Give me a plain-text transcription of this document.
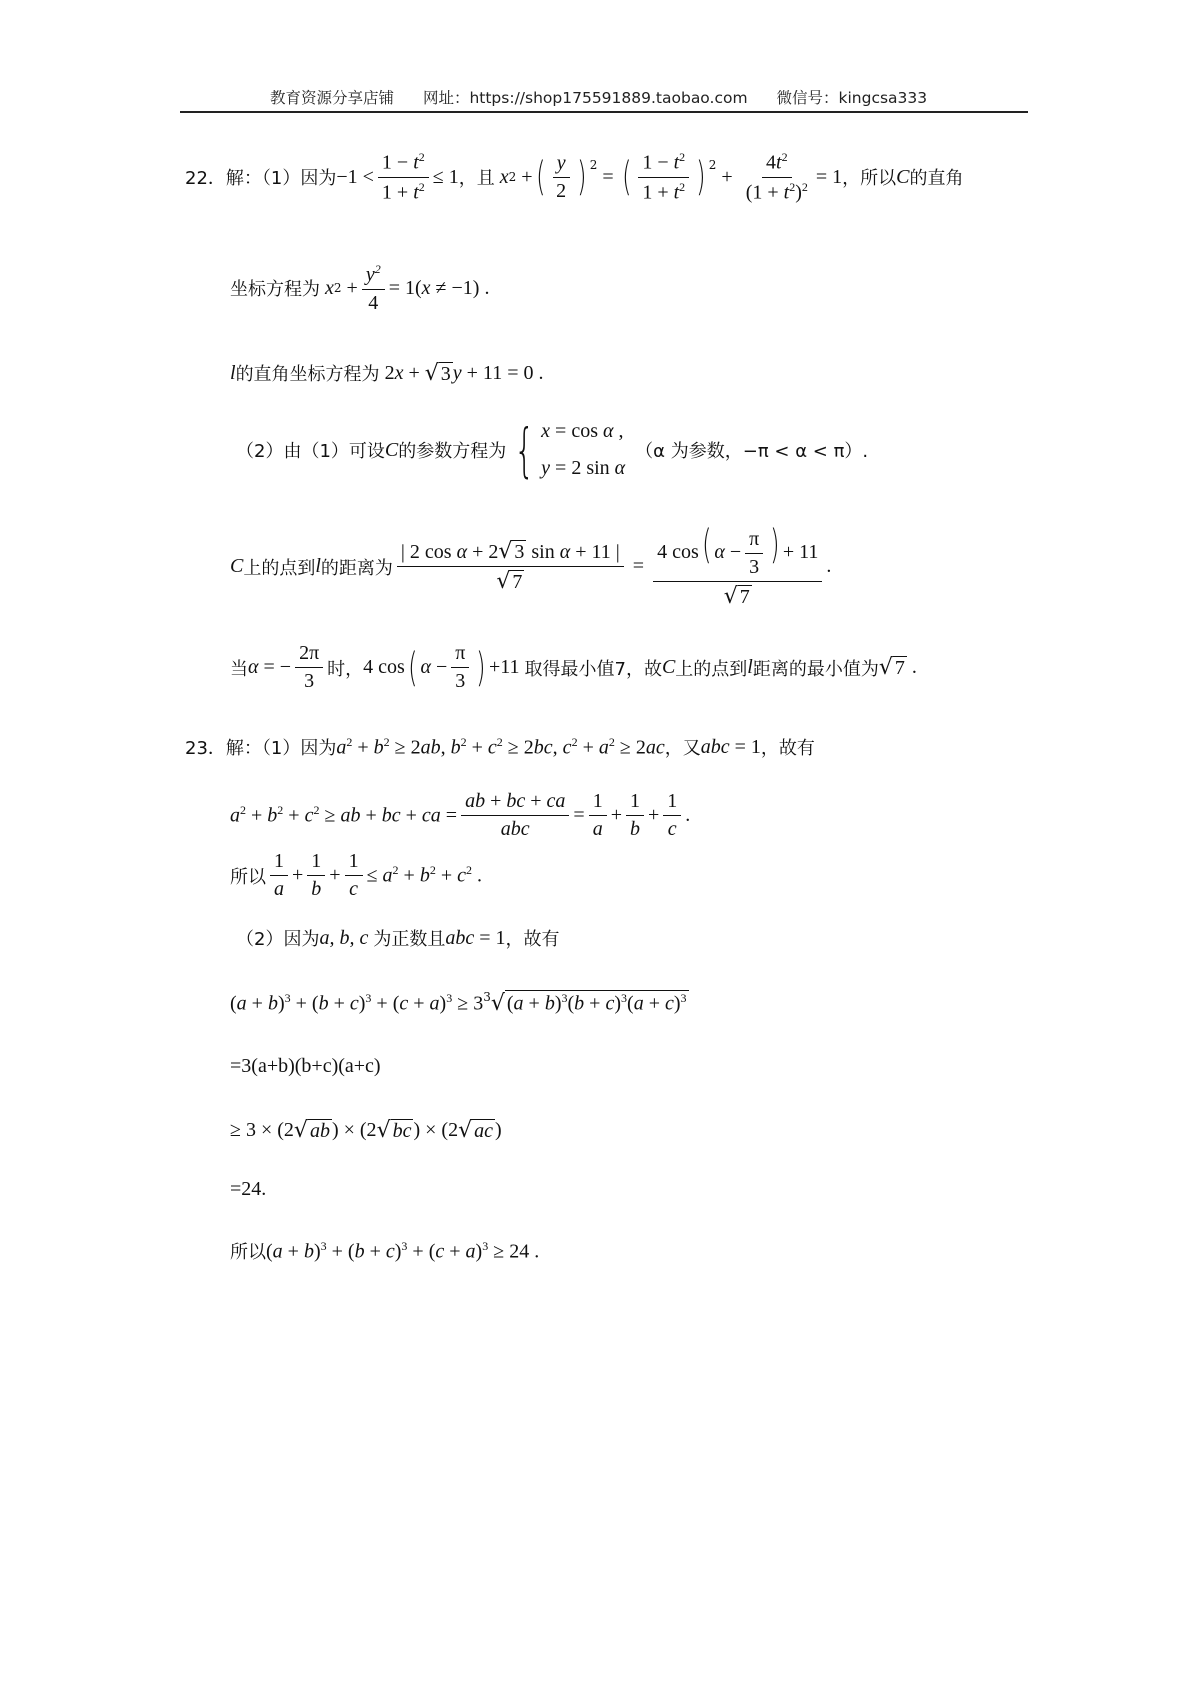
教育资源分享店铺 网址：https://shop175591889.taobao.com 微信号：kingcsa333
22． 解：（1）因为 $-1 < \frac{1 - t^2}{1 + t^2} \le 1$ ，且 x 2 + ( $\frac{y}{2}$ ) $^2$
= ( $\frac{1 - t^2}{1 + t^2}$ ) $^2$
+ $\frac{4t^2}{(1 + t^2)^2} = 1$ ，所以 C 的直角
坐标方程为 x $2 + \frac{y^2}{4} = 1(x \ne -1)$ .
l 的直角坐标方程为 2x + √ 3 y + 11 = 0 .
（2）由（1）可设 C 的参数方程为 { x = cos α ,
y = 2 sin α
（α 为参数，−π < α < π）.
C 上的点到 l 的距离为 $\frac{\text{| 2 cos α + 2 √ 3 sin α + 11 |}}{√ 7} = \frac{4 \cos( \alpha - \frac{\pi}{3} ) + 11}{√ 7}$ .
当 α = − $\frac{2\pi}{3}$ 时， 4 cos ( $\alpha - \frac{\pi}{3}$ ) +11 取得最小值7，故 C 上的点到 l 距离的最小值为 √ 7 .
23． 解：（1）因为 $a^2 + b^2 \ge 2ab$, $b^2 + c^2 \ge 2bc$, $c^2 + a^2 \ge 2ac$ ，又 abc = 1 ，故有
$a^2 + b^2 + c^2$ ≥ ab + bc + ca = $\frac{ab + bc + ca}{\text{abc}} = \frac{1}{a} + \frac{1}{b} + \frac{1}{c}$ .
所以 $\frac{1}{a} + \frac{1}{b} + \frac{1}{c} \le a^2 + b^2 + c^2$ .
（2）因为 a, b, c 为正数且 abc = 1 ，故有
$(a + b)^3 + (b + c)^3 + (c + a)^3 \ge 3^3$ √ $(a + b)^3(b + c)^3(a + c)^3$
=3(a+b)(b+c)(a+c)
≥ 3 × (2 √ ab ) × (2 √ bc ) × (2 √ ac )
=24.
所以 $(a + b)^3 + (b + c)^3 + (c + a)^3 \ge 24$ .
